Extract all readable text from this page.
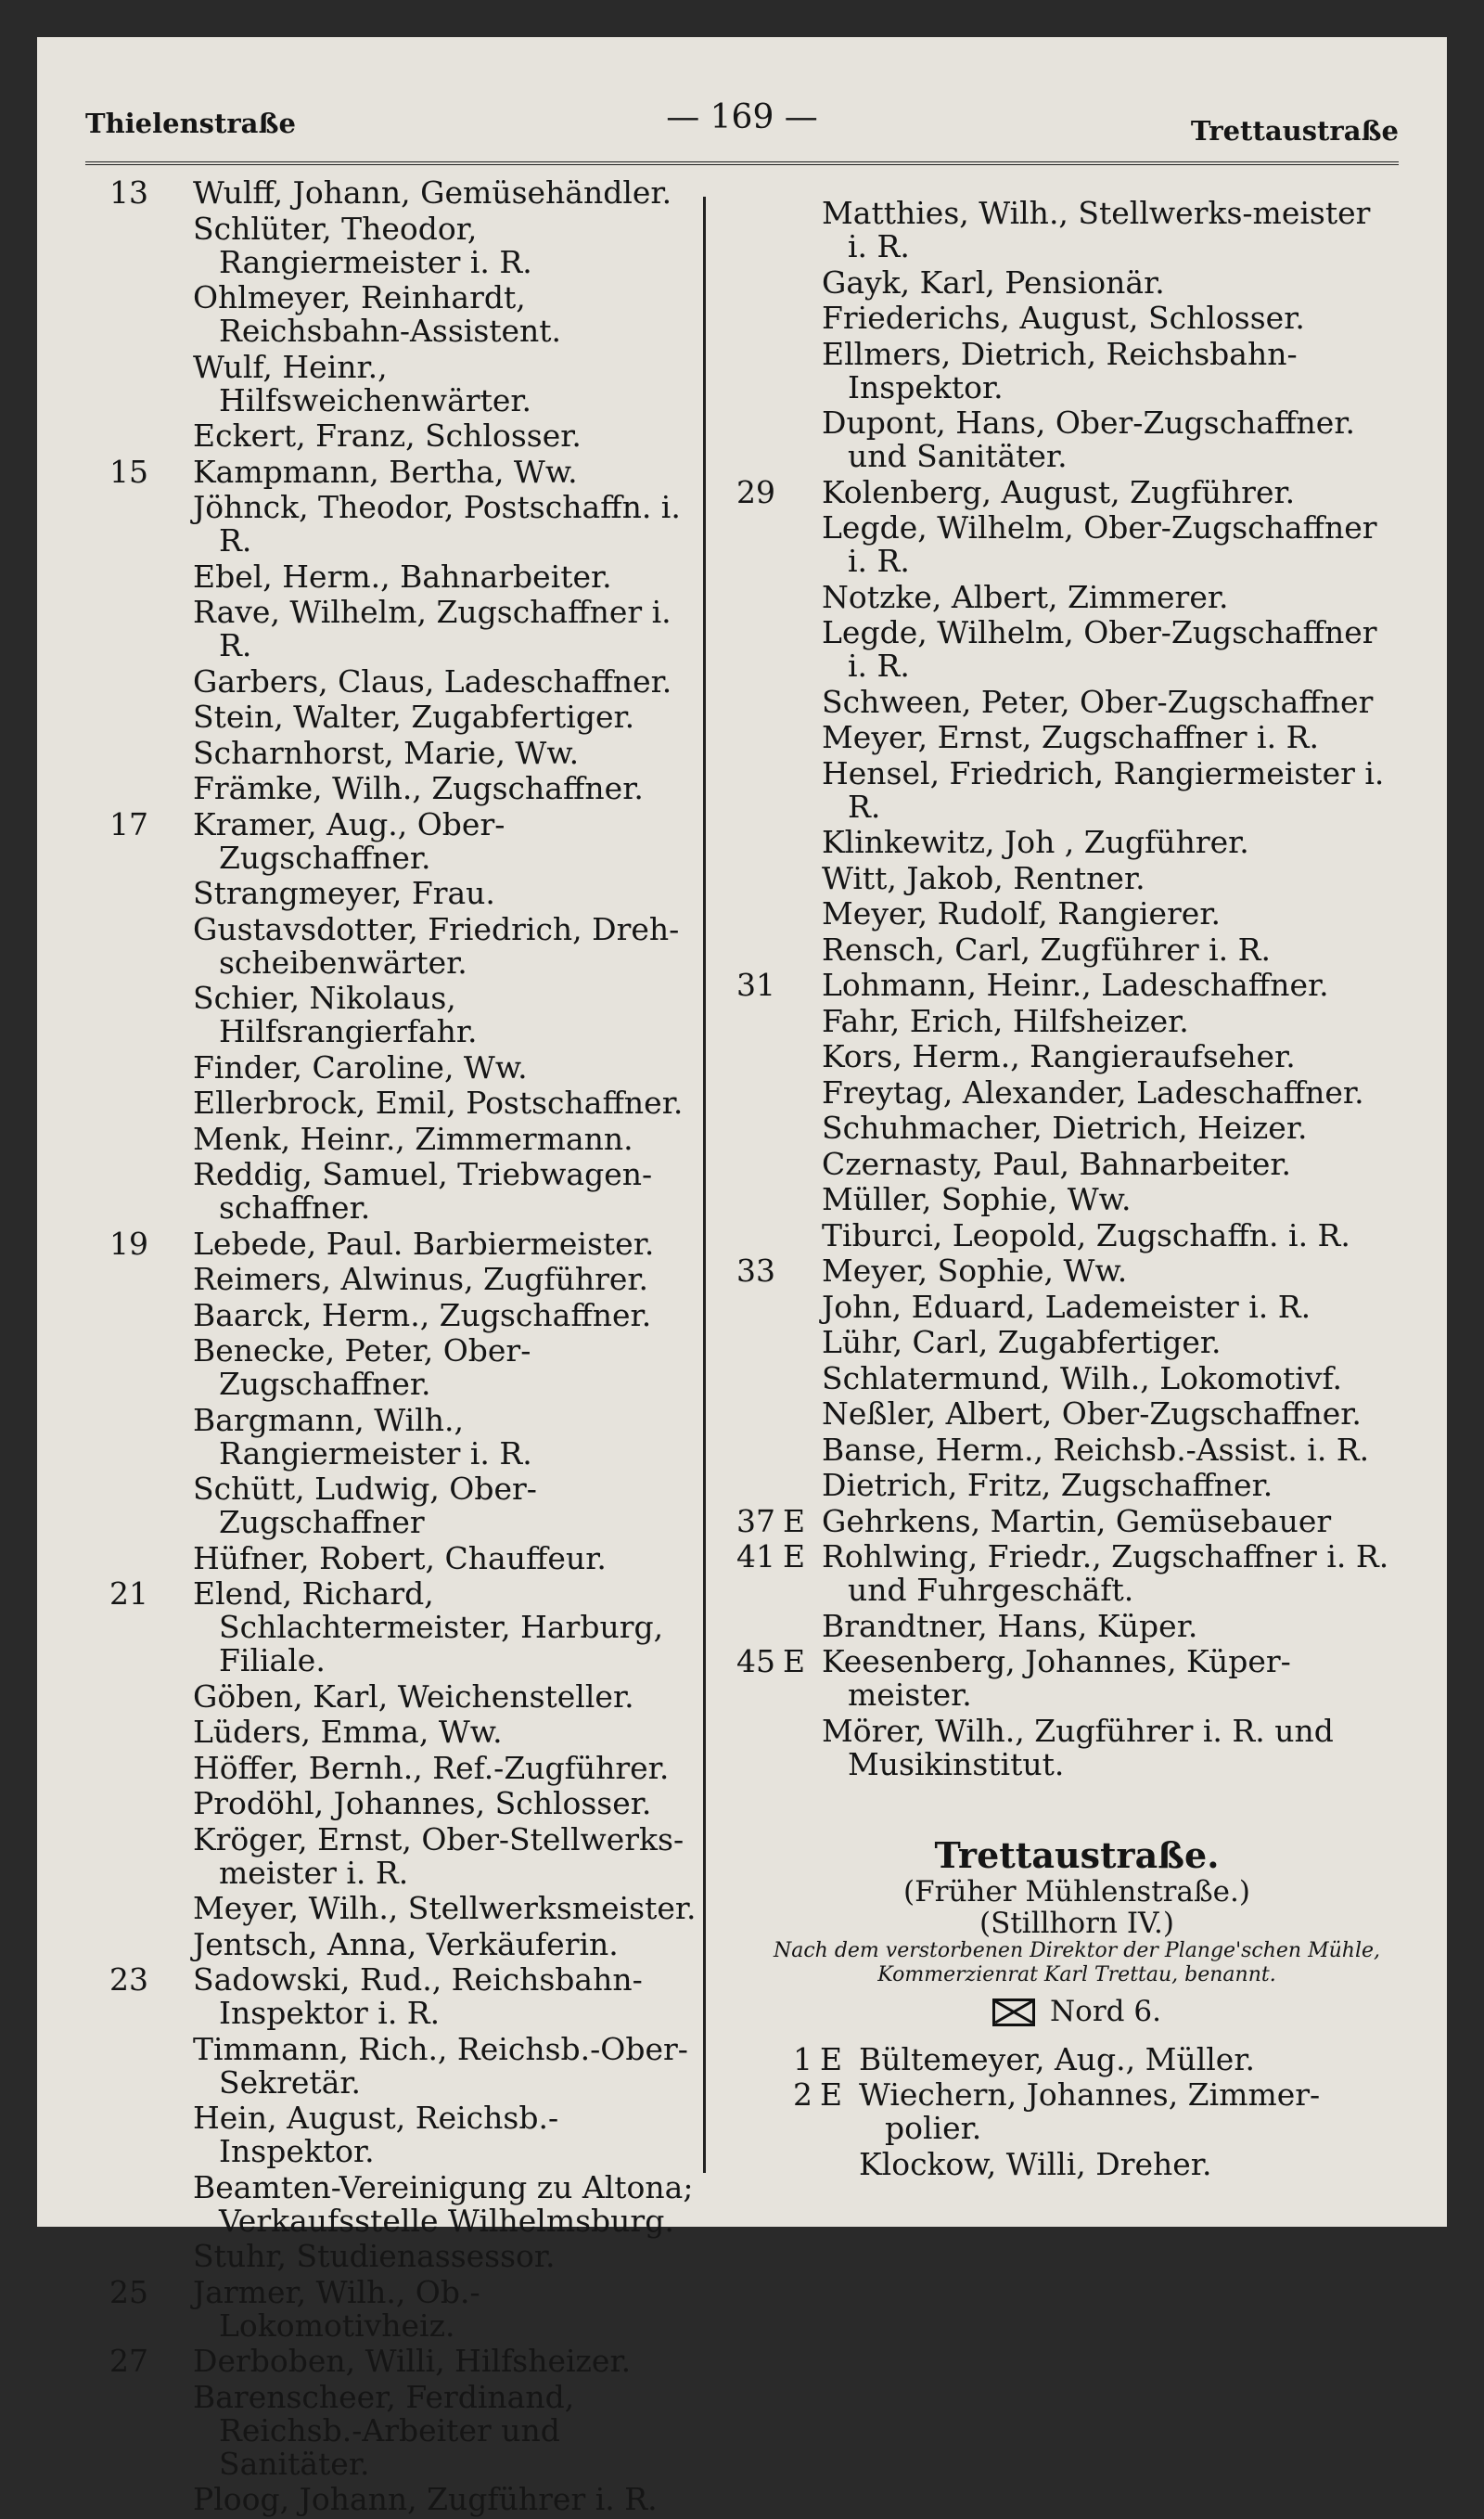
Thielenstraße	— 169 —	Trettaustraße
13 Wulff, Johann, Gemüsehändler.
Schlüter, Theodor, Rangiermeister i. R.
Ohlmeyer, Reinhardt, Reichsbahn-Assistent.
Wulf, Heinr., Hilfsweichenwärter.
Eckert, Franz, Schlosser.
15 Kampmann, Bertha, Ww.
Jöhnck, Theodor, Postschaffn. i. R.
Ebel, Herm., Bahnarbeiter.
Rave, Wilhelm, Zugschaffner i. R.
Garbers, Claus, Ladeschaffner.
Stein, Walter, Zugabfertiger.
Scharnhorst, Marie, Ww.
Främke, Wilh., Zugschaffner.
17 Kramer, Aug., Ober-Zugschaffner.
Strangmeyer, Frau.
Gustavsdotter, Friedrich, Dreh-scheibenwärter.
Schier, Nikolaus, Hilfsrangierfahr.
Finder, Caroline, Ww.
Ellerbrock, Emil, Postschaffner.
Menk, Heinr., Zimmermann.
Reddig, Samuel, Triebwagen-schaffner.
19 Lebede, Paul. Barbiermeister.
Reimers, Alwinus, Zugführer.
Baarck, Herm., Zugschaffner.
Benecke, Peter, Ober-Zugschaffner.
Bargmann, Wilh., Rangiermeister i. R.
Schütt, Ludwig, Ober-Zugschaffner
Hüfner, Robert, Chauffeur.
21 Elend, Richard, Schlachtermeister, Harburg, Filiale.
Göben, Karl, Weichensteller.
Lüders, Emma, Ww.
Höffer, Bernh., Ref.-Zugführer.
Prodöhl, Johannes, Schlosser.
Kröger, Ernst, Ober-Stellwerks-meister i. R.
Meyer, Wilh., Stellwerksmeister.
Jentsch, Anna, Verkäuferin.
23 Sadowski, Rud., Reichsbahn-Inspektor i. R.
Timmann, Rich., Reichsb.-Ober-Sekretär.
Hein, August, Reichsb.-Inspektor.
Beamten-Vereinigung zu Altona; Verkaufsstelle Wilhelmsburg.
Stuhr, Studienassessor.
25 Jarmer, Wilh., Ob.-Lokomotivheiz.
27 Derboben, Willi, Hilfsheizer.
Barenscheer, Ferdinand, Reichsb.-Arbeiter und Sanitäter.
Ploog, Johann, Zugführer i. R.
Matthies, Wilh., Stellwerks-meister i. R.
Gayk, Karl, Pensionär.
Friederichs, August, Schlosser.
Ellmers, Dietrich, Reichsbahn-Inspektor.
Dupont, Hans, Ober-Zugschaffner. und Sanitäter.
29 Kolenberg, August, Zugführer.
Legde, Wilhelm, Ober-Zugschaffner i. R.
Notzke, Albert, Zimmerer.
Legde, Wilhelm, Ober-Zugschaffner i. R.
Schween, Peter, Ober-Zugschaffner
Meyer, Ernst, Zugschaffner i. R.
Hensel, Friedrich, Rangiermeister i. R.
Klinkewitz, Joh , Zugführer.
Witt, Jakob, Rentner.
Meyer, Rudolf, Rangierer.
Rensch, Carl, Zugführer i. R.
31 Lohmann, Heinr., Ladeschaffner.
Fahr, Erich, Hilfsheizer.
Kors, Herm., Rangieraufseher.
Freytag, Alexander, Ladeschaffner.
Schuhmacher, Dietrich, Heizer.
Czernasty, Paul, Bahnarbeiter.
Müller, Sophie, Ww.
Tiburci, Leopold, Zugschaffn. i. R.
33 Meyer, Sophie, Ww.
John, Eduard, Lademeister i. R.
Lühr, Carl, Zugabfertiger.
Schlatermund, Wilh., Lokomotivf.
Neßler, Albert, Ober-Zugschaffner.
Banse, Herm., Reichsb.-Assist. i. R.
Dietrich, Fritz, Zugschaffner.
37 E Gehrkens, Martin, Gemüsebauer
41 E Rohlwing, Friedr., Zugschaffner i. R. und Fuhrgeschäft.
Brandtner, Hans, Küper.
45 E Keesenberg, Johannes, Küper-meister.
Mörer, Wilh., Zugführer i. R. und Musikinstitut.
Trettaustraße.
(Früher Mühlenstraße.)
(Stillhorn IV.)
Nach dem verstorbenen Direktor der Plange'schen Mühle,
Kommerzienrat Karl Trettau, benannt.
Nord 6.
1 E Bültemeyer, Aug., Müller.
2 E Wiechern, Johannes, Zimmer-polier.
Klockow, Willi, Dreher.
